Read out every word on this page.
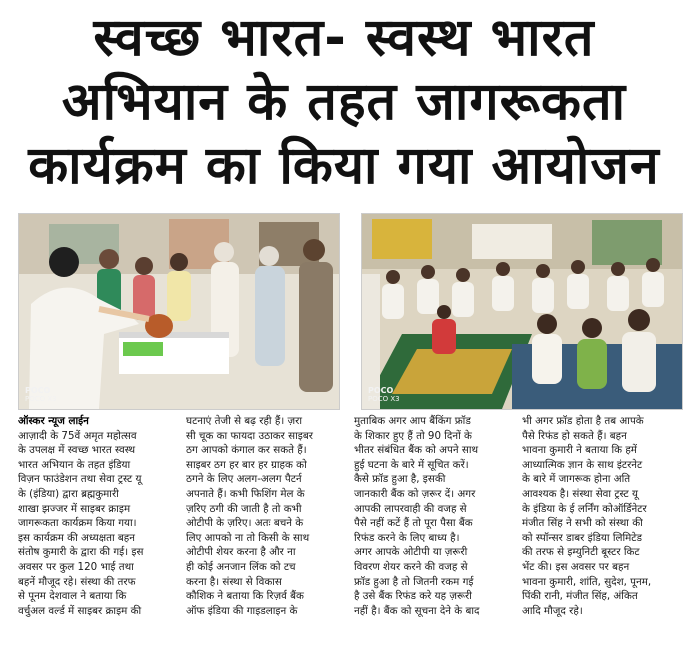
स्वच्छ भारत- स्वस्थ भारत
अभियान के तहत जागरूकता
कार्यक्रम का किया गया आयोजन
POCO
POCO X3
POCO
POCO X3
ऑस्कर न्यूज लाईन
आज़ादी के 75वें अमृत महोत्सव
के उपलक्ष में स्वच्छ भारत स्वस्थ
भारत अभियान के तहत इंडिया
विज़न फाउंडेशन तथा सेवा ट्रस्ट यू
के (इंडिया) द्वारा ब्रह्मकुमारी
शाखा झज्जर में साइबर क्राइम
जागरूकता कार्यक्रम किया गया।
इस कार्यक्रम की अध्यक्षता बहन
संतोष कुमारी के द्वारा की गई। इस
अवसर पर कुल 120 भाई तथा
बहनें मौजूद रहे। संस्था की तरफ
से पूनम देशवाल ने बताया कि
वर्चुअल वर्ल्ड में साइबर क्राइम की
घटनाएं तेजी से बढ़ रही हैं। ज़रा
सी चूक का फायदा उठाकर साइबर
ठग आपको कंगाल कर सकते हैं।
साइबर ठग हर बार हर ग्राहक को
ठगने के लिए अलग-अलग पैटर्न
अपनाते हैं। कभी फिशिंग मेल के
ज़रिए ठगी की जाती है तो कभी
ओटीपी के ज़रिए। अतः बचने के
लिए आपको ना तो किसी के साथ
ओटीपी शेयर करना है और ना
ही कोई अनजान लिंक को टच
करना है। संस्था से विकास
कौशिक ने बताया कि रिज़र्व बैंक
ऑफ इंडिया की गाइडलाइन के
मुताबिक अगर आप बैंकिंग फ्रॉड
के शिकार हुए हैं तो 90 दिनों के
भीतर संबंधित बैंक को अपने साथ
हुई घटना के बारे में सूचित करें।
कैसे फ्रॉड हुआ है, इसकी
जानकारी बैंक को ज़रूर दें। अगर
आपकी लापरवाही की वजह से
पैसे नहीं कटें हैं तो पूरा पैसा बैंक
रिफंड करने के लिए बाध्य है।
अगर आपके ओटीपी या ज़रूरी
विवरण शेयर करने की वजह से
फ्रॉड हुआ है तो जितनी रकम गई
है उसे बैंक रिफंड करे यह ज़रूरी
नहीं है। बैंक को सूचना देने के बाद
भी अगर फ्रॉड होता है तब आपके
पैसे रिफंड हो सकते हैं। बहन
भावना कुमारी ने बताया कि हमें
आध्यात्मिक ज्ञान के साथ इंटरनेट
के बारे में जागरूक होना अति
आवश्यक है। संस्था सेवा ट्रस्ट यू
के इंडिया के ई लर्निंग कोऑर्डिनेटर
मंजीत सिंह ने सभी को संस्था की
को स्पॉन्सर डाबर इंडिया लिमिटेड
की तरफ से इम्युनिटी बूस्टर किट
भेंट की। इस अवसर पर बहन
भावना कुमारी, शांति, सुदेश, पूनम,
पिंकी रानी, मंजीत सिंह, अंकित
आदि मौजूद रहे।
